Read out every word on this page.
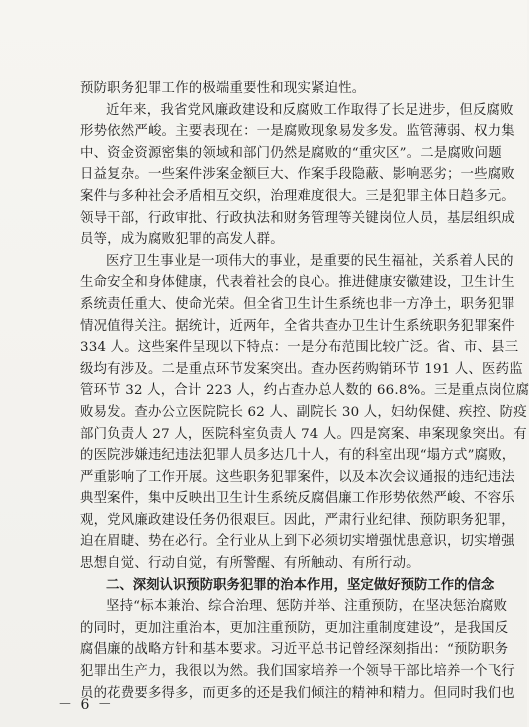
预防职务犯罪工作的极端重要性和现实紧迫性。
近年来，我省党风廉政建设和反腐败工作取得了长足进步，但反腐败
形势依然严峻。主要表现在：一是腐败现象易发多发。监管薄弱、权力集
中、资金资源密集的领域和部门仍然是腐败的“重灾区”。二是腐败问题
日益复杂。一些案件涉案金额巨大、作案手段隐蔽、影响恶劣；一些腐败
案件与多种社会矛盾相互交织，治理难度很大。三是犯罪主体日趋多元。
领导干部，行政审批、行政执法和财务管理等关键岗位人员，基层组织成
员等，成为腐败犯罪的高发人群。
医疗卫生事业是一项伟大的事业，是重要的民生福祉，关系着人民的
生命安全和身体健康，代表着社会的良心。推进健康安徽建设，卫生计生
系统责任重大、使命光荣。但全省卫生计生系统也非一方净土，职务犯罪
情况值得关注。据统计，近两年，全省共查办卫生计生系统职务犯罪案件
334 人。这些案件呈现以下特点：一是分布范围比较广泛。省、市、县三
级均有涉及。二是重点环节发案突出。查办医药购销环节 191 人、医药监
管环节 32 人，合计 223 人，约占查办总人数的 66.8%。三是重点岗位腐
败易发。查办公立医院院长 62 人、副院长 30 人，妇幼保健、疾控、防疫
部门负责人 27 人，医院科室负责人 74 人。四是窝案、串案现象突出。有
的医院涉嫌违纪违法犯罪人员多达几十人，有的科室出现“塌方式”腐败，
严重影响了工作开展。这些职务犯罪案件，以及本次会议通报的违纪违法
典型案件，集中反映出卫生计生系统反腐倡廉工作形势依然严峻、不容乐
观，党风廉政建设任务仍很艰巨。因此，严肃行业纪律、预防职务犯罪，
迫在眉睫、势在必行。全行业从上到下必须切实增强忧患意识，切实增强
思想自觉、行动自觉，有所警醒、有所触动、有所行动。
二、深刻认识预防职务犯罪的治本作用，坚定做好预防工作的信念
坚持“标本兼治、综合治理、惩防并举、注重预防，在坚决惩治腐败
的同时，更加注重治本，更加注重预防，更加注重制度建设”，是我国反
腐倡廉的战略方针和基本要求。习近平总书记曾经深刻指出：“预防职务
犯罪出生产力，我很以为然。我们国家培养一个领导干部比培养一个飞行
员的花费要多得多，而更多的还是我们倾注的精神和精力。但同时我们也
－ 6 －
